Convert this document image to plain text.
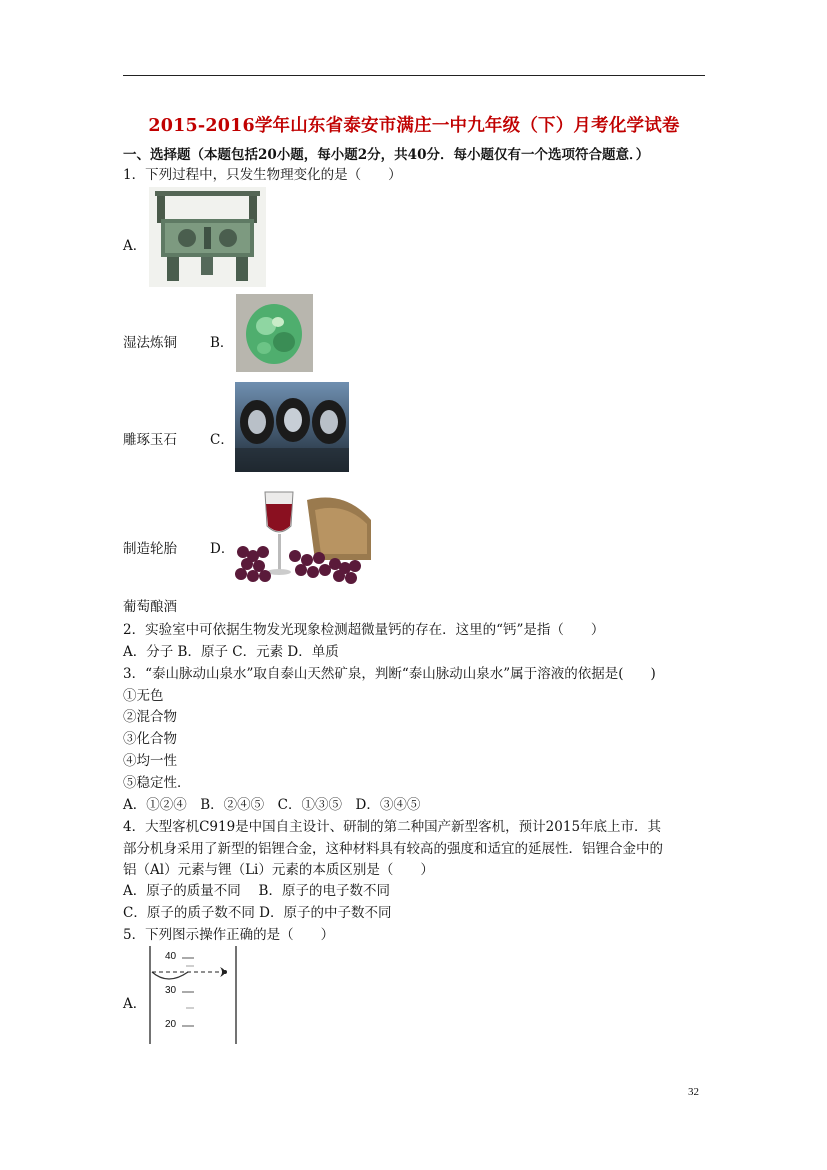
2015-2016学年山东省泰安市满庄一中九年级（下）月考化学试卷
一、选择题（本题包括20小题，每小题2分，共40分．每小题仅有一个选项符合题意．）
1．下列过程中，只发生物理变化的是（　　）
A．
湿法炼铜 B．
雕琢玉石 C．
制造轮胎 D．
葡萄酿酒
2．实验室中可依据生物发光现象检测超微量钙的存在．这里的“钙”是指（　　）
A．分子 B．原子 C．元素 D．单质
3．“泰山脉动山泉水”取自泰山天然矿泉，判断“泰山脉动山泉水”属于溶液的依据是(　　)
①无色
②混合物
③化合物
④均一性
⑤稳定性．
A．①②④　B．②④⑤　C．①③⑤　D．③④⑤
4．大型客机C919是中国自主设计、研制的第二种国产新型客机，预计2015年底上市．其
部分机身采用了新型的铝锂合金，这种材料具有较高的强度和适宜的延展性．铝锂合金中的
铝（Al）元素与锂（Li）元素的本质区别是（　　）
A．原子的质量不同　 B．原子的电子数不同
C．原子的质子数不同 D．原子的中子数不同
5．下列图示操作正确的是（　　）
A．
40
30
20
32
